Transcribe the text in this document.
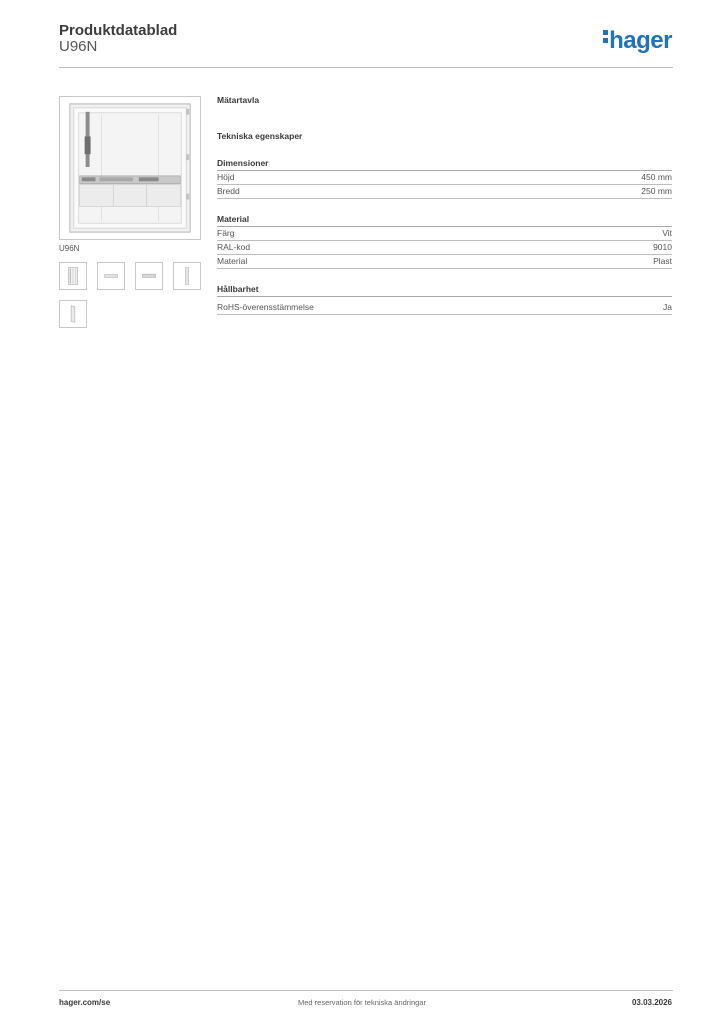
Produktdatablad
U96N	hager
U96N
Mätartavla
Tekniska egenskaper
Dimensioner
Höjd	450 mm
Bredd	250 mm
Material
Färg	Vit
RAL-kod	9010
Material	Plast
Hållbarhet
RoHS-överensstämmelse	Ja
hager.com/se	Med reservation för tekniska ändringar	03.03.2026
